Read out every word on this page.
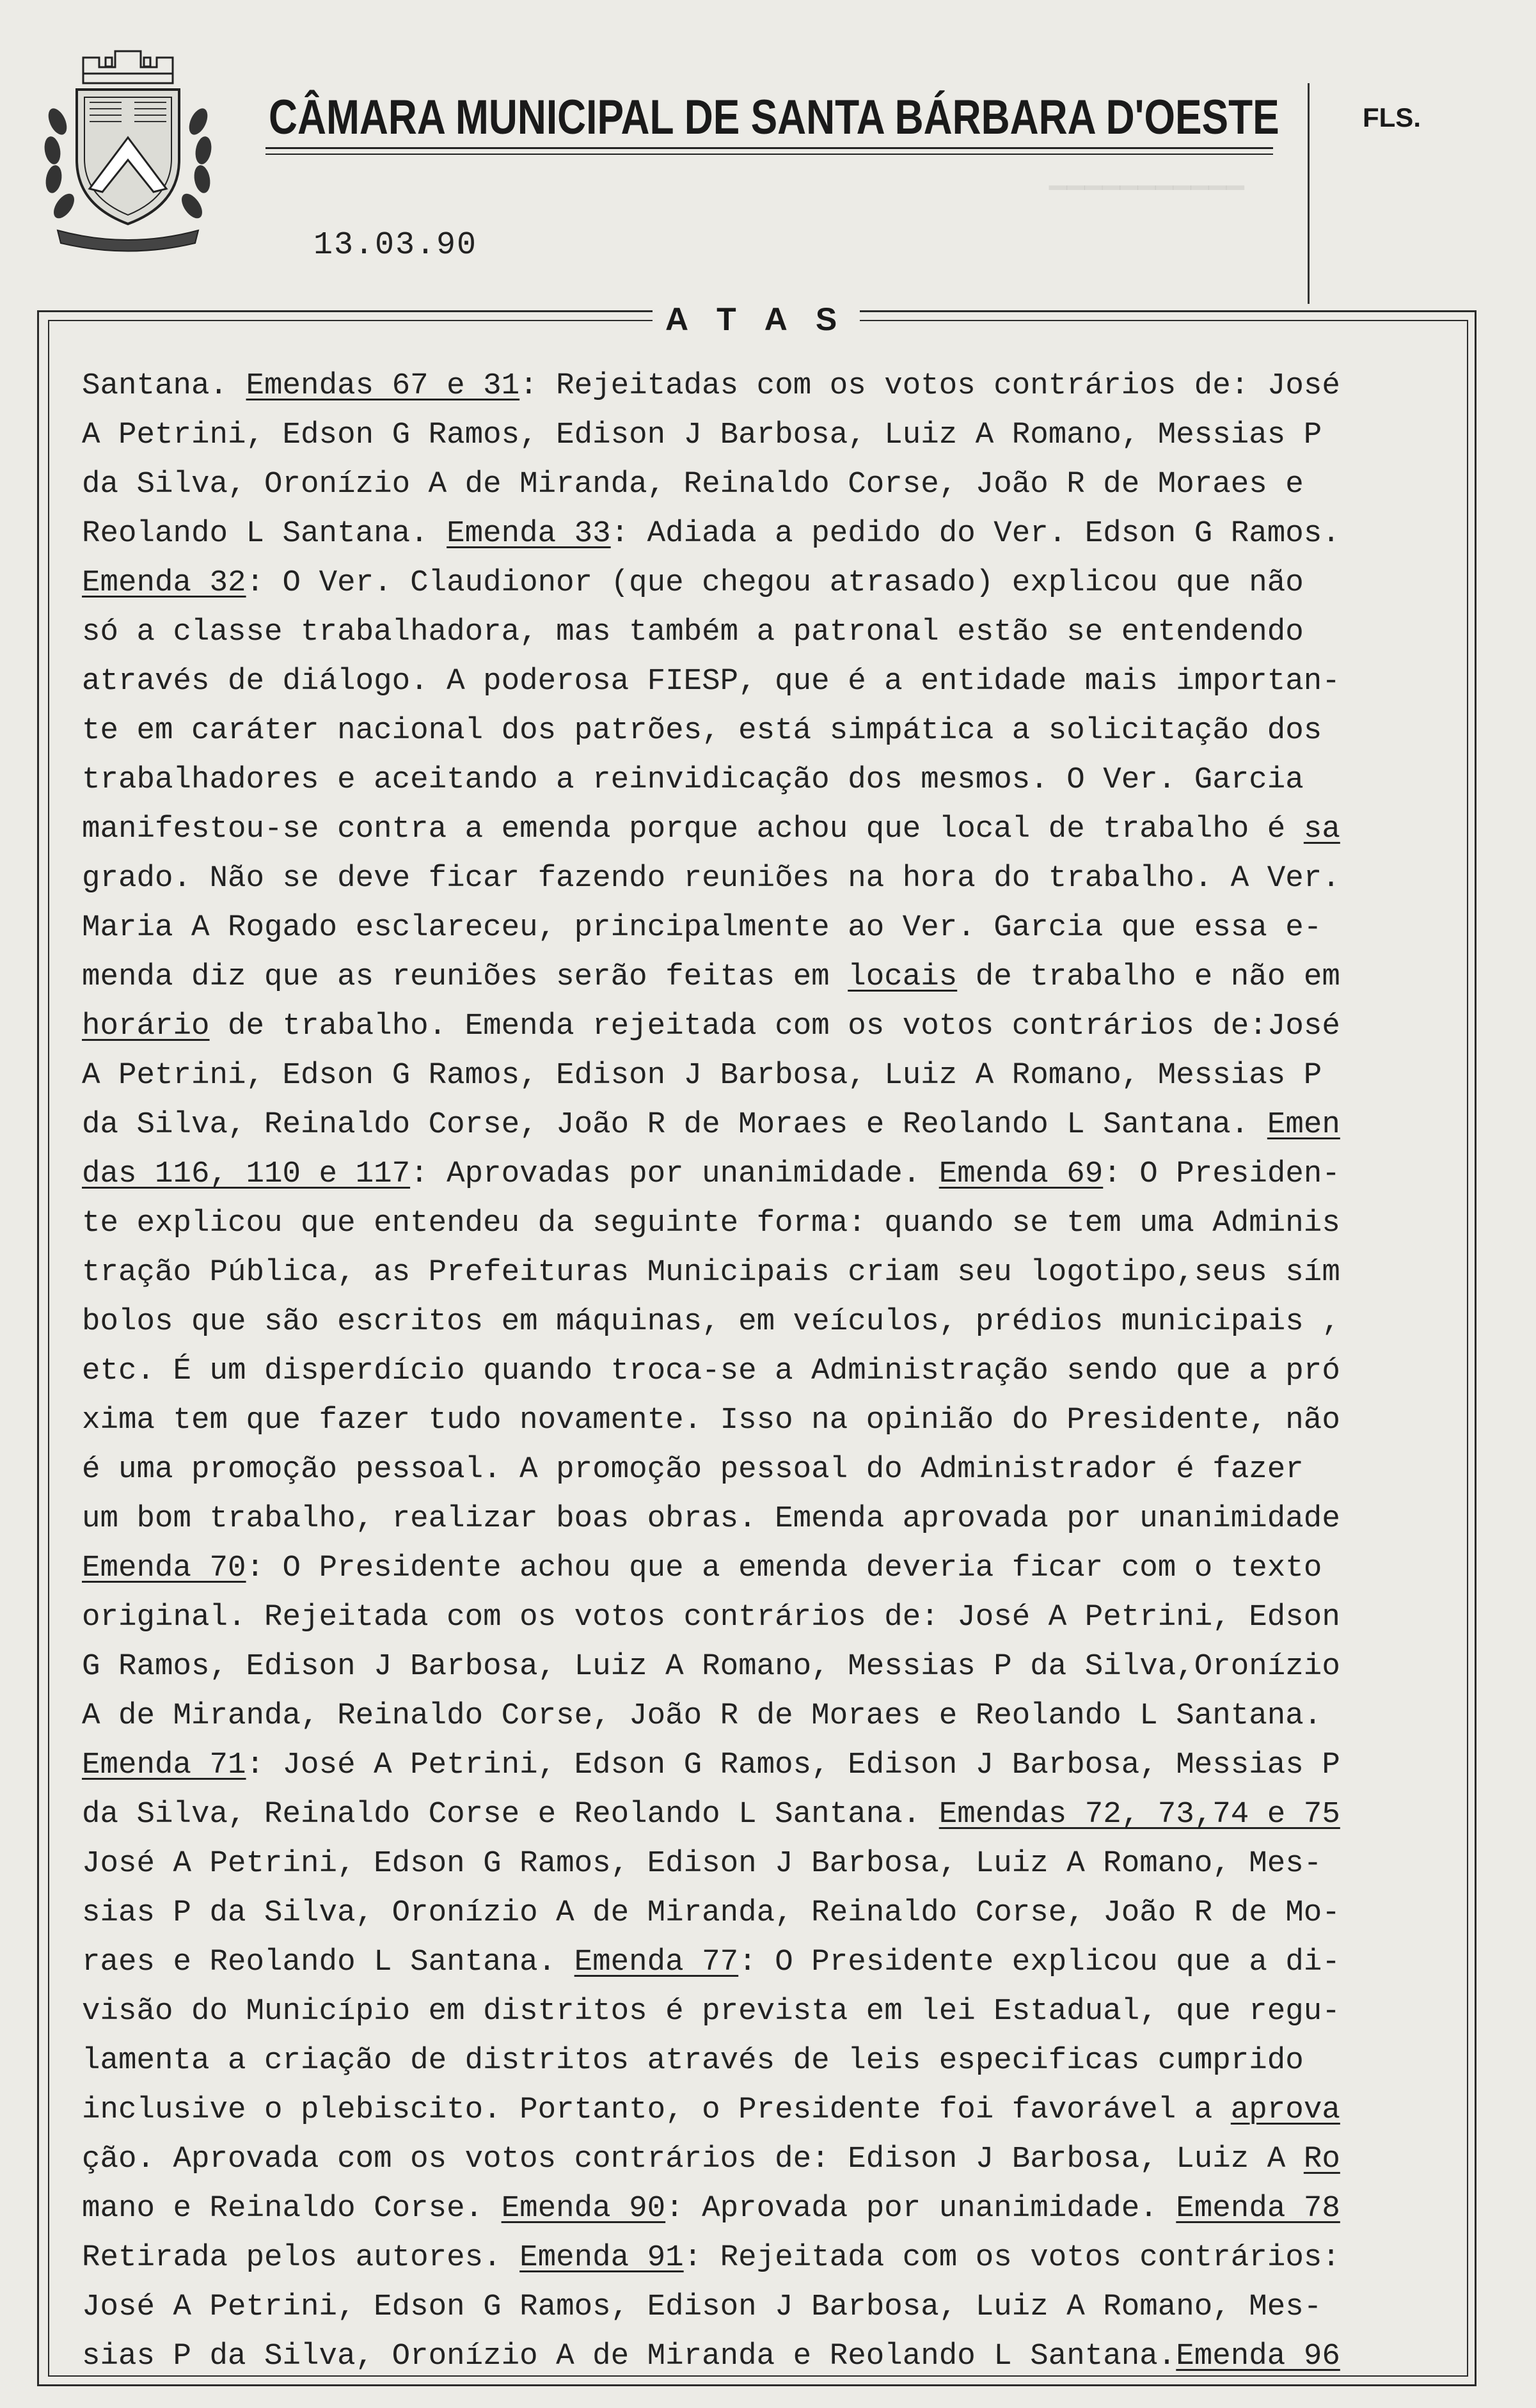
▔▔▔▔▔▔▔▔▔▔▔
CÂMARA MUNICIPAL DE SANTA BÁRBARA D'OESTE	FLS.
13.03.90
A T A S
Santana. Emendas 67 e 31: Rejeitadas com os votos contrários de: José
A Petrini, Edson G Ramos, Edison J Barbosa, Luiz A Romano, Messias P
da Silva, Oronízio A de Miranda, Reinaldo Corse, João R de Moraes e
Reolando L Santana. Emenda 33: Adiada a pedido do Ver. Edson G Ramos.
Emenda 32: O Ver. Claudionor (que chegou atrasado) explicou que não
só a classe trabalhadora, mas também a patronal estão se entendendo
através de diálogo. A poderosa FIESP, que é a entidade mais importan-
te em caráter nacional dos patrões, está simpática a solicitação dos
trabalhadores e aceitando a reinvidicação dos mesmos. O Ver. Garcia
manifestou-se contra a emenda porque achou que local de trabalho é sa
grado. Não se deve ficar fazendo reuniões na hora do trabalho. A Ver.
Maria A Rogado esclareceu, principalmente ao Ver. Garcia que essa e-
menda diz que as reuniões serão feitas em locais de trabalho e não em
horário de trabalho. Emenda rejeitada com os votos contrários de:José
A Petrini, Edson G Ramos, Edison J Barbosa, Luiz A Romano, Messias P
da Silva, Reinaldo Corse, João R de Moraes e Reolando L Santana. Emen
das 116, 110 e 117: Aprovadas por unanimidade. Emenda 69: O Presiden-
te explicou que entendeu da seguinte forma: quando se tem uma Adminis
tração Pública, as Prefeituras Municipais criam seu logotipo,seus sím
bolos que são escritos em máquinas, em veículos, prédios municipais ,
etc. É um disperdício quando troca-se a Administração sendo que a pró
xima tem que fazer tudo novamente. Isso na opinião do Presidente, não
é uma promoção pessoal. A promoção pessoal do Administrador é fazer
um bom trabalho, realizar boas obras. Emenda aprovada por unanimidade
Emenda 70: O Presidente achou que a emenda deveria ficar com o texto
original. Rejeitada com os votos contrários de: José A Petrini, Edson
G Ramos, Edison J Barbosa, Luiz A Romano, Messias P da Silva,Oronízio
A de Miranda, Reinaldo Corse, João R de Moraes e Reolando L Santana.
Emenda 71: José A Petrini, Edson G Ramos, Edison J Barbosa, Messias P
da Silva, Reinaldo Corse e Reolando L Santana. Emendas 72, 73,74 e 75
José A Petrini, Edson G Ramos, Edison J Barbosa, Luiz A Romano, Mes-
sias P da Silva, Oronízio A de Miranda, Reinaldo Corse, João R de Mo-
raes e Reolando L Santana. Emenda 77: O Presidente explicou que a di-
visão do Município em distritos é prevista em lei Estadual, que regu-
lamenta a criação de distritos através de leis especificas cumprido
inclusive o plebiscito. Portanto, o Presidente foi favorável a aprova
ção. Aprovada com os votos contrários de: Edison J Barbosa, Luiz A Ro
mano e Reinaldo Corse. Emenda 90: Aprovada por unanimidade. Emenda 78
Retirada pelos autores. Emenda 91: Rejeitada com os votos contrários:
José A Petrini, Edson G Ramos, Edison J Barbosa, Luiz A Romano, Mes-
sias P da Silva, Oronízio A de Miranda e Reolando L Santana.Emenda 96
